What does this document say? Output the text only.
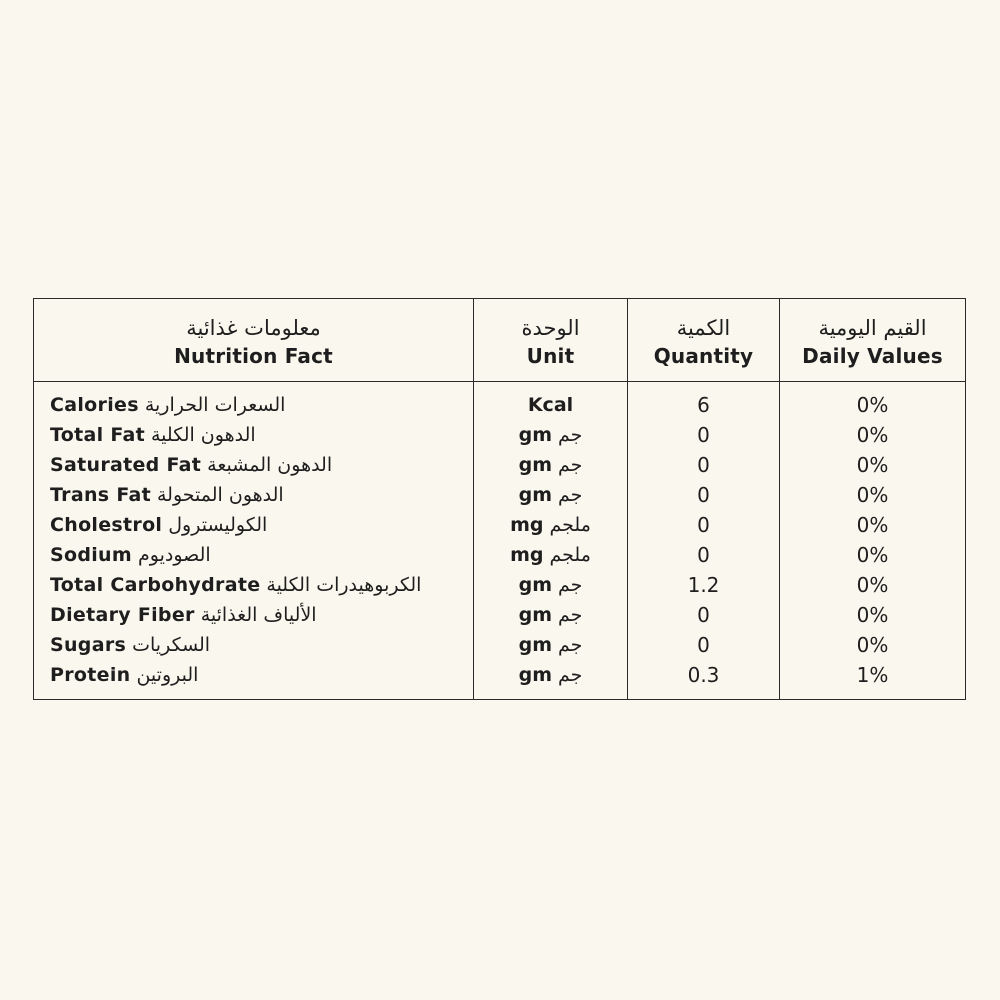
معلومات غذائية
Nutrition Fact
الوحدة
Unit
الكمية
Quantity
القيم اليومية
Daily Values
Calories السعرات الحرارية
Total Fat الدهون الكلية
Saturated Fat الدهون المشبعة
Trans Fat الدهون المتحولة
Cholestrol الكوليسترول
Sodium الصوديوم
Total Carbohydrate الكربوهيدرات الكلية
Dietary Fiber الألياف الغذائية
Sugars السكريات
Protein البروتين
Kcal
gm جم
gm جم
gm جم
mg ملجم
mg ملجم
gm جم
gm جم
gm جم
gm جم
6
0
0
0
0
0
1.2
0
0
0.3
0%
0%
0%
0%
0%
0%
0%
0%
0%
1%
